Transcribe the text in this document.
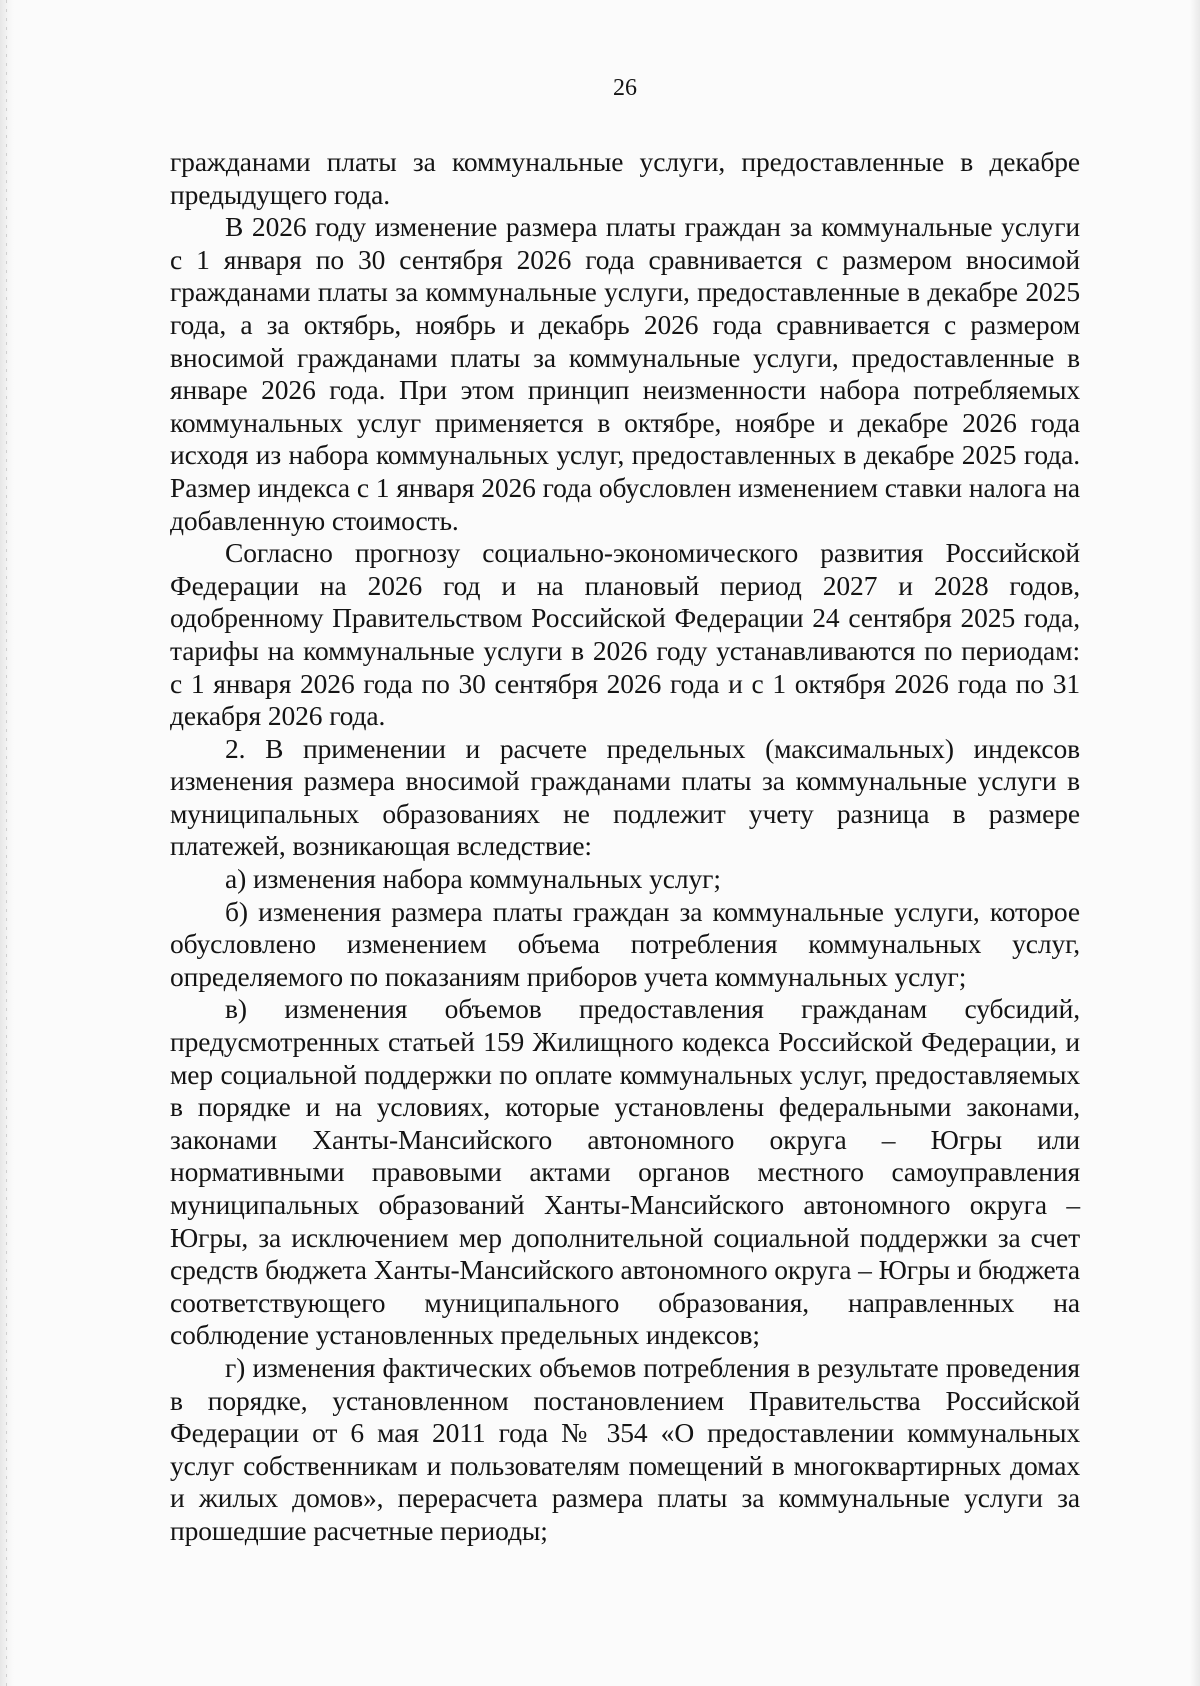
26

гражданами платы за коммунальные услуги, предоставленные в декабре предыдущего года.

В 2026 году изменение размера платы граждан за коммунальные услуги с 1 января по 30 сентября 2026 года сравнивается с размером вносимой гражданами платы за коммунальные услуги, предоставленные в декабре 2025 года, а за октябрь, ноябрь и декабрь 2026 года сравнивается с размером вносимой гражданами платы за коммунальные услуги, предоставленные в январе 2026 года. При этом принцип неизменности набора потребляемых коммунальных услуг применяется в октябре, ноябре и декабре 2026 года исходя из набора коммунальных услуг, предоставленных в декабре 2025 года. Размер индекса с 1 января 2026 года обусловлен изменением ставки налога на добавленную стоимость.

Согласно прогнозу социально-экономического развития Российской Федерации на 2026 год и на плановый период 2027 и 2028 годов, одобренному Правительством Российской Федерации 24 сентября 2025 года, тарифы на коммунальные услуги в 2026 году устанавливаются по периодам: с 1 января 2026 года по 30 сентября 2026 года и с 1 октября 2026 года по 31 декабря 2026 года.

2. В применении и расчете предельных (максимальных) индексов изменения размера вносимой гражданами платы за коммунальные услуги в муниципальных образованиях не подлежит учету разница в размере платежей, возникающая вследствие:

а) изменения набора коммунальных услуг;

б) изменения размера платы граждан за коммунальные услуги, которое обусловлено изменением объема потребления коммунальных услуг, определяемого по показаниям приборов учета коммунальных услуг;

в) изменения объемов предоставления гражданам субсидий, предусмотренных статьей 159 Жилищного кодекса Российской Федерации, и мер социальной поддержки по оплате коммунальных услуг, предоставляемых в порядке и на условиях, которые установлены федеральными законами, законами Ханты-Мансийского автономного округа – Югры или нормативными правовыми актами органов местного самоуправления муниципальных образований Ханты-Мансийского автономного округа – Югры, за исключением мер дополнительной социальной поддержки за счет средств бюджета Ханты-Мансийского автономного округа – Югры и бюджета соответствующего муниципального образования, направленных на соблюдение установленных предельных индексов;

г) изменения фактических объемов потребления в результате проведения в порядке, установленном постановлением Правительства Российской Федерации от 6 мая 2011 года № 354 «О предоставлении коммунальных услуг собственникам и пользователям помещений в многоквартирных домах и жилых домов», перерасчета размера платы за коммунальные услуги за прошедшие расчетные периоды;
